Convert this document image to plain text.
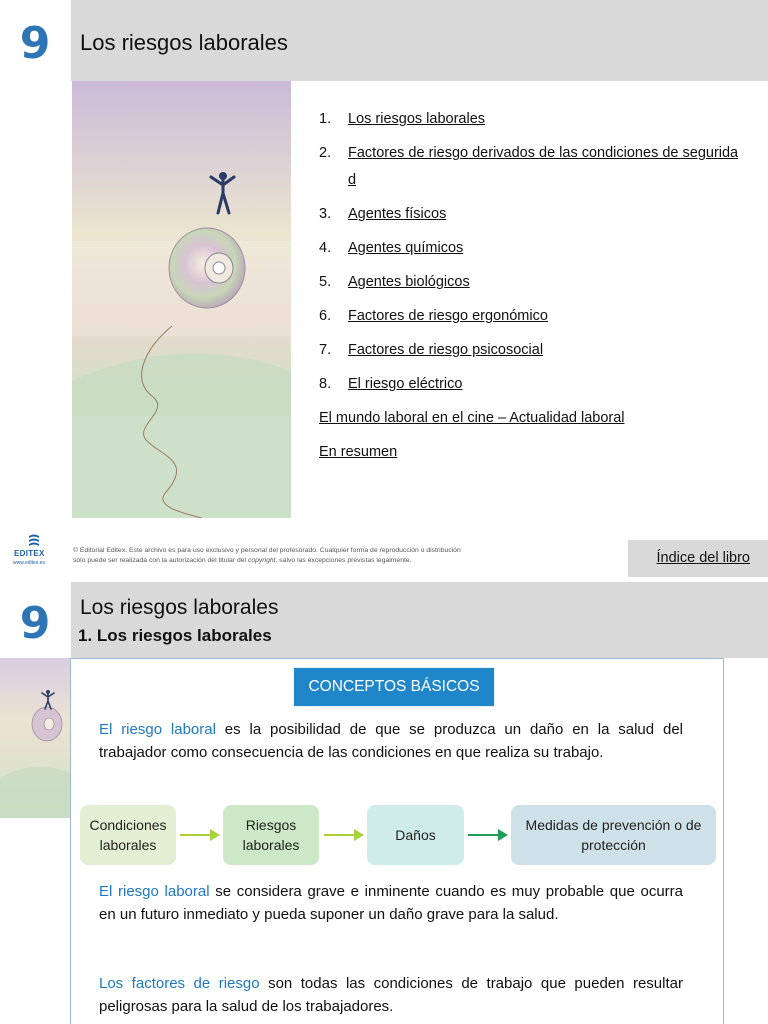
9	Los riesgos laborales
1.	Los riesgos laborales
2.	Factores de riesgo derivados de las condiciones de seguridad
3.	Agentes físicos
4.	Agentes químicos
5.	Agentes biológicos
6.	Factores de riesgo ergonómico
7.	Factores de riesgo psicosocial
8.	El riesgo eléctrico
El mundo laboral en el cine – Actualidad laboral
En resumen
EDITEX
www.editex.es
© Editorial Editex. Este archivo es para uso exclusivo y personal del profesorado. Cualquier forma de reproducción o distribución
solo puede ser realizada con la autorización del titular del copyright, salvo las excepciones previstas legalmente.	Índice del libro
9	Los riesgos laborales
1. Los riesgos laborales
CONCEPTOS BÁSICOS
El riesgo laboral es la posibilidad de que se produzca un daño en la salud del trabajador como consecuencia de las condiciones en que realiza su trabajo.
Condiciones laborales
Riesgos laborales
Daños
Medidas de prevención o de protección
El riesgo laboral se considera grave e inminente cuando es muy probable que ocurra en un futuro inmediato y pueda suponer un daño grave para la salud.
Los factores de riesgo son todas las condiciones de trabajo que pueden resultar peligrosas para la salud de los trabajadores.
